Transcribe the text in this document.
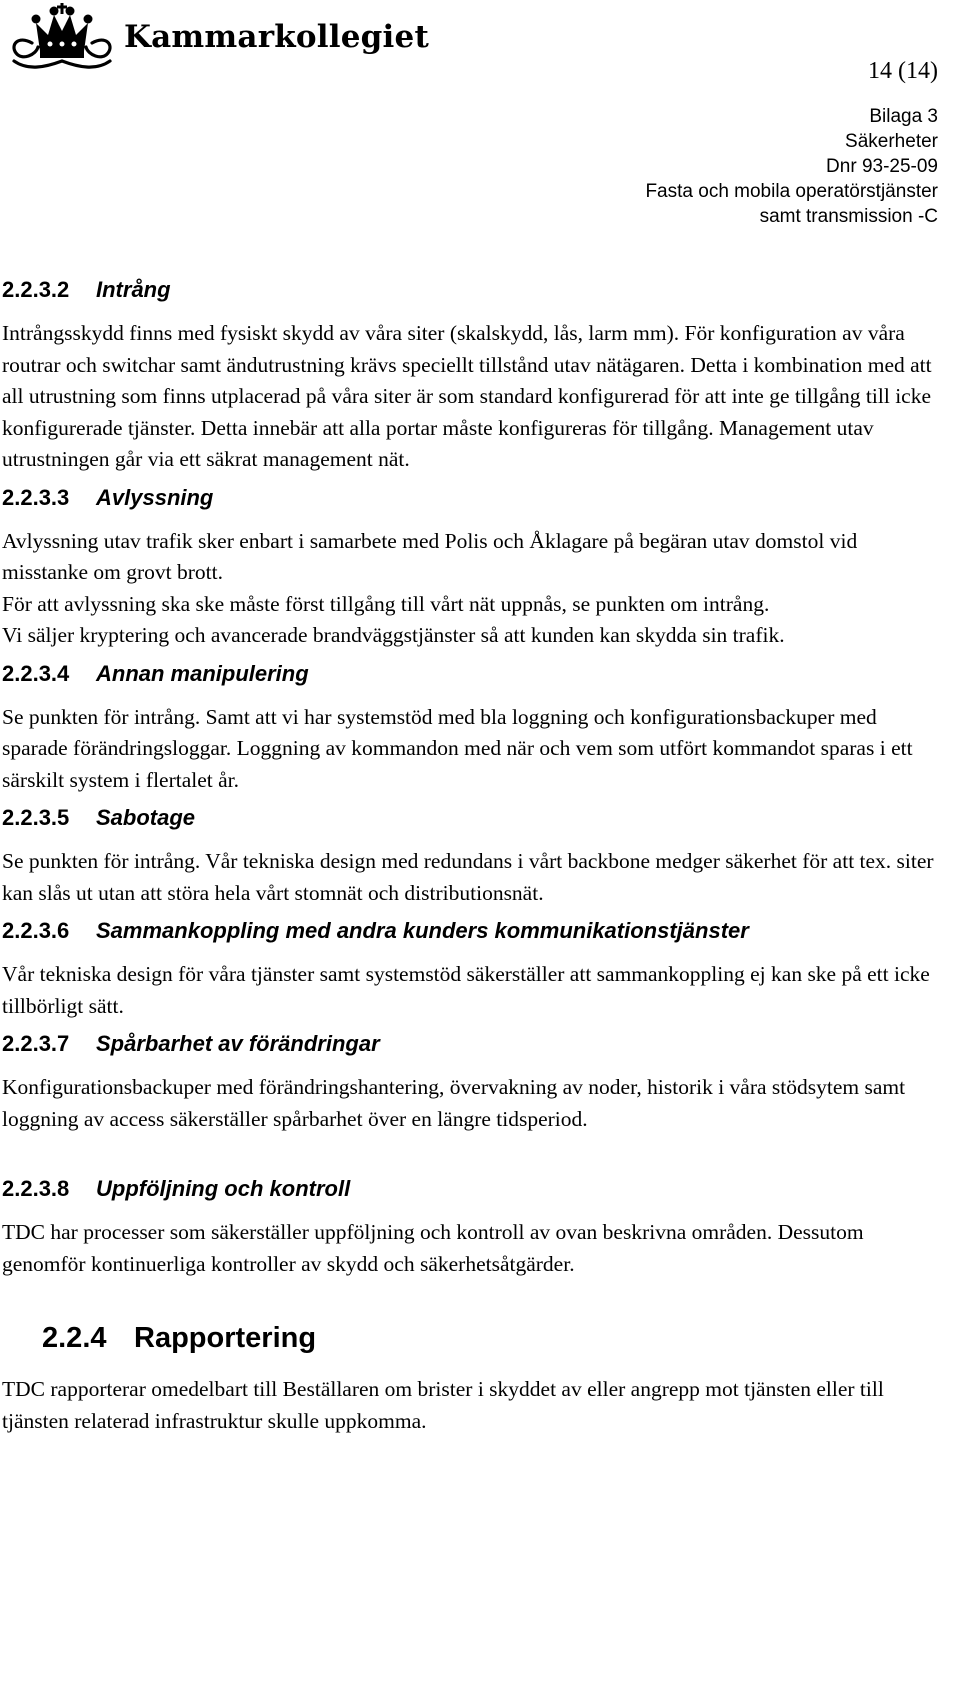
Kammarkollegiet
14 (14)
Bilaga 3
Säkerheter
Dnr 93-25-09
Fasta och mobila operatörstjänster
samt transmission -C
2.2.3.2 Intrång

Intrångsskydd finns med fysiskt skydd av våra siter (skalskydd, lås, larm mm). För konfiguration av våra routrar och switchar samt ändutrustning krävs speciellt tillstånd utav nätägaren. Detta i kombination med att all utrustning som finns utplacerad på våra siter är som standard konfigurerad för att inte ge tillgång till icke konfigurerade tjänster. Detta innebär att alla portar måste konfigureras för tillgång. Management utav utrustningen går via ett säkrat management nät.

2.2.3.3 Avlyssning

Avlyssning utav trafik sker enbart i samarbete med Polis och Åklagare på begäran utav domstol vid misstanke om grovt brott.

För att avlyssning ska ske måste först tillgång till vårt nät uppnås, se punkten om intrång.

Vi säljer kryptering och avancerade brandväggstjänster så att kunden kan skydda sin trafik.

2.2.3.4 Annan manipulering

Se punkten för intrång. Samt att vi har systemstöd med bla loggning och konfigurationsbackuper med sparade förändringsloggar. Loggning av kommandon med när och vem som utfört kommandot sparas i ett särskilt system i flertalet år.

2.2.3.5 Sabotage

Se punkten för intrång. Vår tekniska design med redundans i vårt backbone medger säkerhet för att tex. siter kan slås ut utan att störa hela vårt stomnät och distributionsnät.

2.2.3.6 Sammankoppling med andra kunders kommunikationstjänster

Vår tekniska design för våra tjänster samt systemstöd säkerställer att sammankoppling ej kan ske på ett icke tillbörligt sätt.

2.2.3.7 Spårbarhet av förändringar

Konfigurationsbackuper med förändringshantering, övervakning av noder, historik i våra stödsytem samt loggning av access säkerställer spårbarhet över en längre tidsperiod.

2.2.3.8 Uppföljning och kontroll

TDC har processer som säkerställer uppföljning och kontroll av ovan beskrivna områden. Dessutom genomför kontinuerliga kontroller av skydd och säkerhetsåtgärder.

2.2.4 Rapportering

TDC rapporterar omedelbart till Beställaren om brister i skyddet av eller angrepp mot tjänsten eller till tjänsten relaterad infrastruktur skulle uppkomma.
